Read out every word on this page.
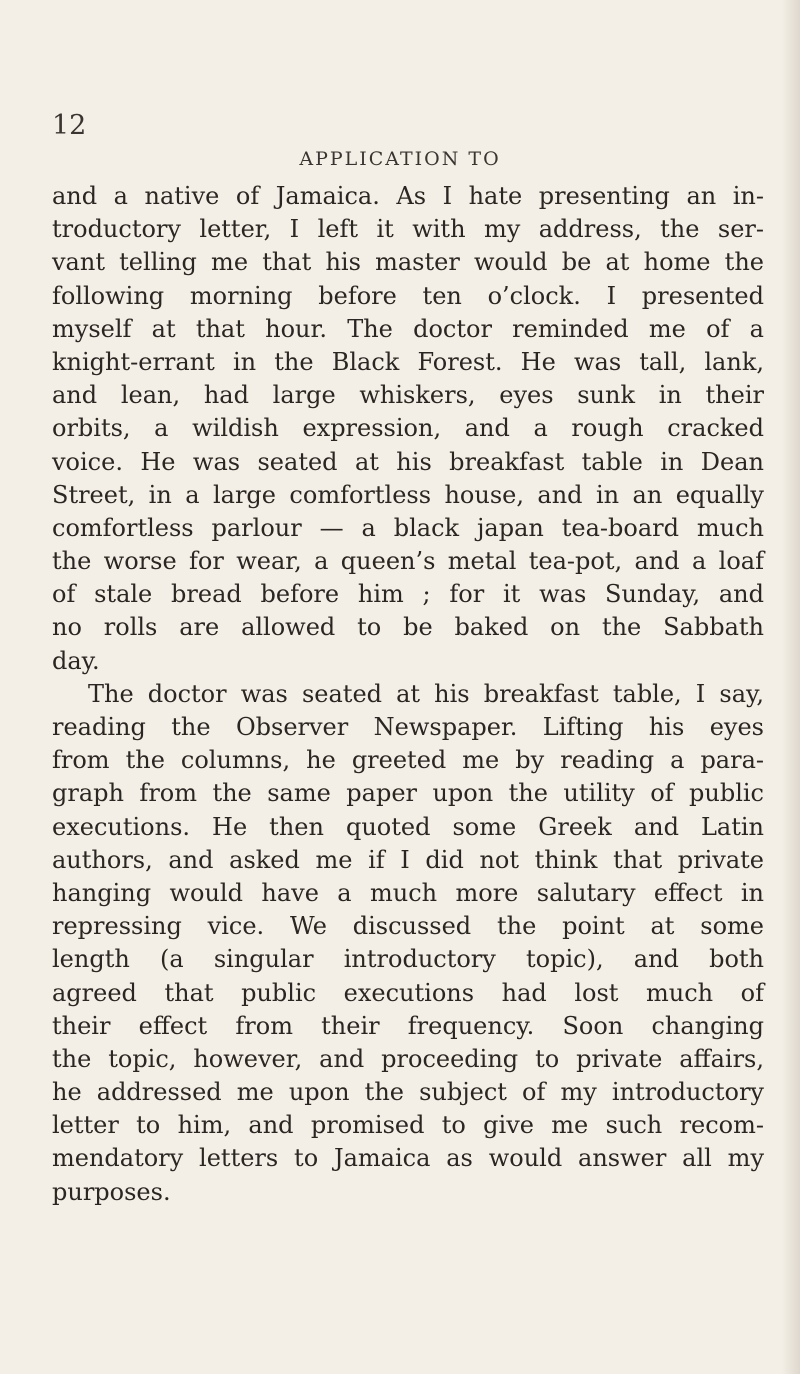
12
APPLICATION TO
and a native of Jamaica. As I hate presenting an in-
troductory letter, I left it with my address, the ser-
vant telling me that his master would be at home the
following morning before ten o’clock. I presented
myself at that hour. The doctor reminded me of a
knight-errant in the Black Forest. He was tall, lank,
and lean, had large whiskers, eyes sunk in their
orbits, a wildish expression, and a rough cracked
voice. He was seated at his breakfast table in Dean
Street, in a large comfortless house, and in an equally
comfortless parlour — a black japan tea-board much
the worse for wear, a queen’s metal tea-pot, and a loaf
of stale bread before him ; for it was Sunday, and
no rolls are allowed to be baked on the Sabbath
day.
The doctor was seated at his breakfast table, I say,
reading the Observer Newspaper. Lifting his eyes
from the columns, he greeted me by reading a para-
graph from the same paper upon the utility of public
executions. He then quoted some Greek and Latin
authors, and asked me if I did not think that private
hanging would have a much more salutary effect in
repressing vice. We discussed the point at some
length (a singular introductory topic), and both
agreed that public executions had lost much of
their effect from their frequency. Soon changing
the topic, however, and proceeding to private affairs,
he addressed me upon the subject of my introductory
letter to him, and promised to give me such recom-
mendatory letters to Jamaica as would answer all my
purposes.
